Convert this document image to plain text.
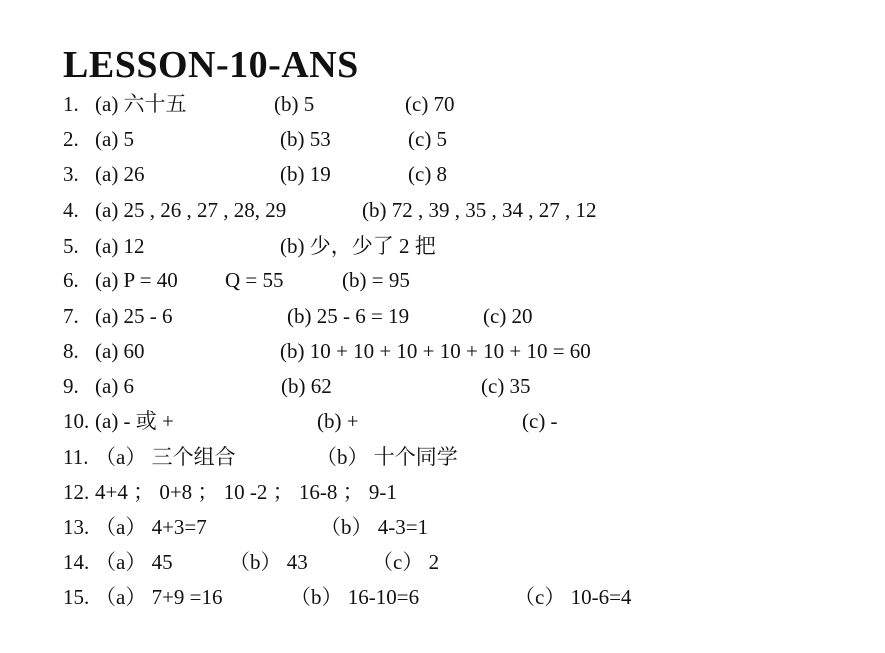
LESSON-10-ANS
1. (a) 六十五	(b) 5	(c) 70
2. (a) 5	(b) 53	(c) 5
3. (a) 26	(b) 19	(c) 8
4. (a) 25 , 26 , 27 , 28, 29	(b) 72 , 39 , 35 , 34 , 27 , 12
5. (a) 12	(b) 少，少了 2 把
6. (a) P = 40 Q = 55	(b) = 95
7. (a) 25 - 6	(b) 25 - 6 = 19	(c) 20
8. (a) 60	(b) 10 + 10 + 10 + 10 + 10 + 10 = 60
9. (a) 6	(b) 62	(c) 35
10. (a) - 或 +	(b) +	(c) -
11. （a） 三个组合	（b） 十个同学
12. 4+4 ； 0+8 ； 10 -2 ； 16-8 ； 9-1
13. （a） 4+3=7	（b） 4-3=1
14. （a） 45	（b） 43	（c） 2
15. （a） 7+9 =16	（b） 16-10=6	（c） 10-6=4
